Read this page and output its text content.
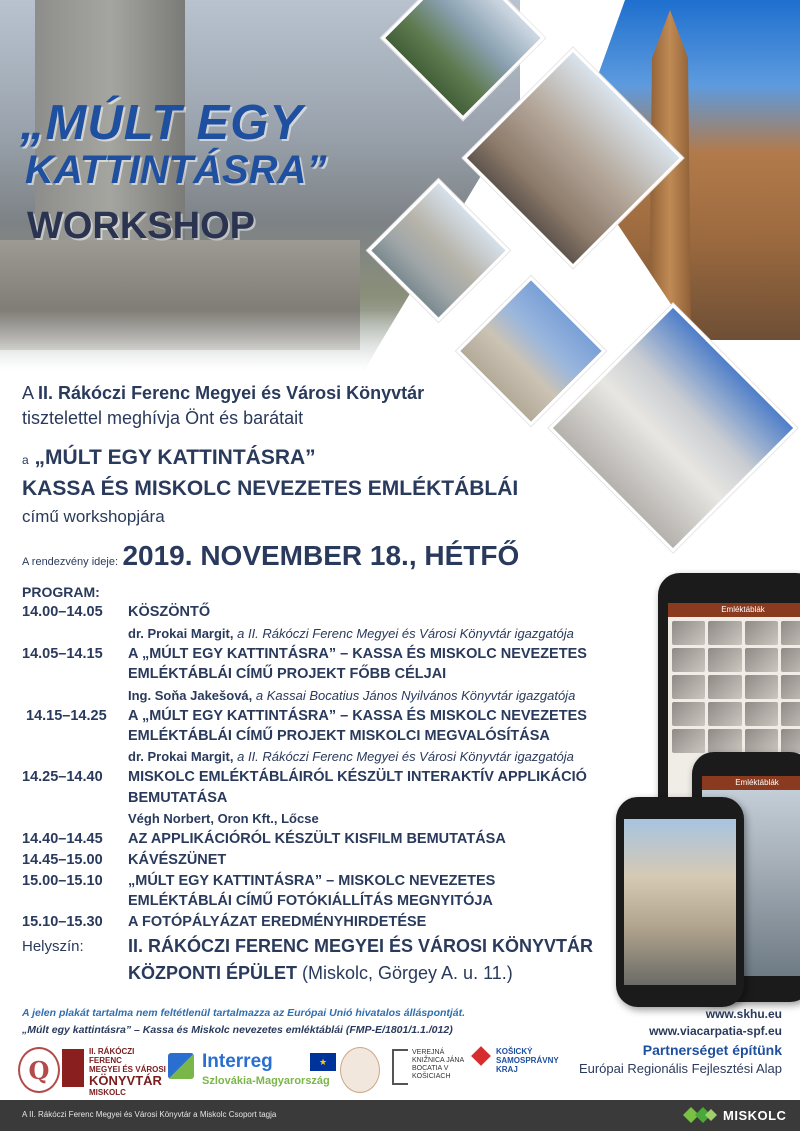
„MÚLT EGY
KATTINTÁSRA”
WORKSHOP
A II. Rákóczi Ferenc Megyei és Városi Könyvtár
tisztelettel meghívja Önt és barátait
a „MÚLT EGY KATTINTÁSRA”
KASSA ÉS MISKOLC NEVEZETES EMLÉKTÁBLÁI
című workshopjára
A rendezvény ideje: 2019. NOVEMBER 18., HÉTFŐ
PROGRAM:
14.00–14.05 KÖSZÖNTŐ
dr. Prokai Margit, a II. Rákóczi Ferenc Megyei és Városi Könyvtár igazgatója
14.05–14.15 A „MÚLT EGY KATTINTÁSRA” – KASSA ÉS MISKOLC NEVEZETES
EMLÉKTÁBLÁI CÍMŰ PROJEKT FŐBB CÉLJAI
Ing. Soňa Jakešová, a Kassai Bocatius János Nyilvános Könyvtár igazgatója
14.15–14.25 A „MÚLT EGY KATTINTÁSRA” – KASSA ÉS MISKOLC NEVEZETES
EMLÉKTÁBLÁI CÍMŰ PROJEKT MISKOLCI MEGVALÓSÍTÁSA
dr. Prokai Margit, a II. Rákóczi Ferenc Megyei és Városi Könyvtár igazgatója
14.25–14.40 MISKOLC EMLÉKTÁBLÁIRÓL KÉSZÜLT INTERAKTÍV APPLIKÁCIÓ
BEMUTATÁSA
Végh Norbert, Oron Kft., Lőcse
14.40–14.45 AZ APPLIKÁCIÓRÓL KÉSZÜLT KISFILM BEMUTATÁSA
14.45–15.00 KÁVÉSZÜNET
15.00–15.10 „MÚLT EGY KATTINTÁSRA” – MISKOLC NEVEZETES
EMLÉKTÁBLÁI CÍMŰ FOTÓKIÁLLÍTÁS MEGNYITÓJA
15.10–15.30 A FOTÓPÁLYÁZAT EREDMÉNYHIRDETÉSE
Helyszín: II. RÁKÓCZI FERENC MEGYEI ÉS VÁROSI KÖNYVTÁR
KÖZPONTI ÉPÜLET (Miskolc, Görgey A. u. 11.)
Emléktáblák
Emléktáblák
A jelen plakát tartalma nem feltétlenül tartalmazza az Európai Unió hivatalos álláspontját.
„Múlt egy kattintásra” – Kassa és Miskolc nevezetes emléktáblái (FMP-E/1801/1.1./012)
www.skhu.eu
www.viacarpatia-spf.eu
Partnerséget építünk
Európai Regionális Fejlesztési Alap
Q
II. RÁKÓCZI FERENC
MEGYEI ÉS VÁROSI
KÖNYVTÁR
MISKOLC
Interreg
Szlovákia-Magyarország
★
VEREJNÁ KNIŽNICA JÁNA BOCATIA V KOŠICIACH
KOŠICKÝ SAMOSPRÁVNY KRAJ
A II. Rákóczi Ferenc Megyei és Városi Könyvtár a Miskolc Csoport tagja	MISKOLC
